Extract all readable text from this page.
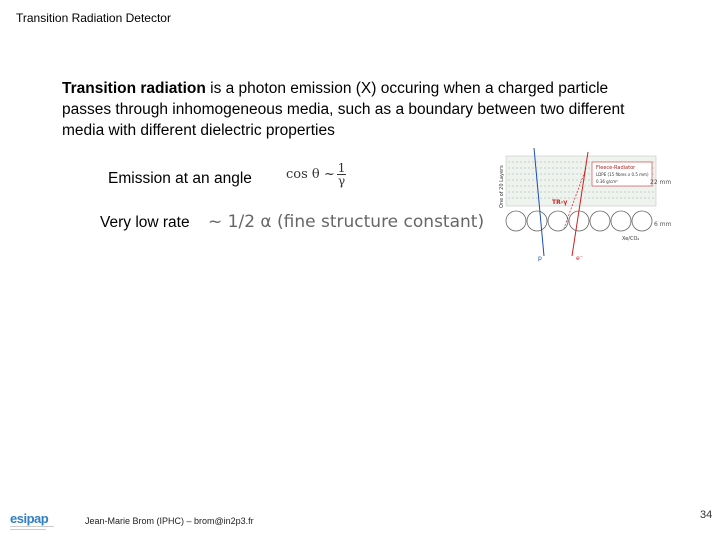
Transition Radiation Detector
Transition radiation is a photon emission (X) occuring when a charged particle passes through inhomogeneous media, such as a boundary between two different media with different dielectric properties
Emission at an angle	cos θ ~ $\frac{1}{\gamma}$
Very low rate ~ 1/2 α (fine structure constant)
Fleece-Radiator
LDPE (15 fibres x 0.5 mm)
0.36 g/cm³
One of 20 Layers	22 mm
6 mm
Xe/CO₂
TR-γ
p	e⁻
esipap	Jean-Marie Brom (IPHC) – brom@in2p3.fr	34
